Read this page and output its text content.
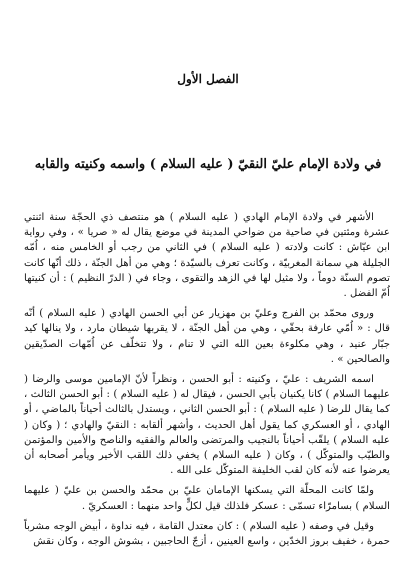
الفصل الأول
في ولادة الإمام عليّ النقيّ ( عليه السلام ) واسمه وكنيته والقابه

الأشهر في ولادة الإمام الهادي ( عليه السلام ) هو منتصف ذي الحجّة سنة اثنتي عشرة ومئتين في صاحية من ضواحي المدينة في موضع يقال له « صريا » ، وفي رواية ابن عيّاش : كانت ولادته ( عليه السلام ) في الثاني من رجب أو الخامس منه ، اُمّه الجليلة هي سمانة المغربيّة ، وكانت تعرف بالسيّدة ؛ وهي من أهل الجنّة ، ذلك أنّها كانت تصوم السنّة دوماً ، ولا مثيل لها في الزهد والتقوى ، وجاء في ( الدرّ النظيم ) : أن كنيتها اُمّ الفضل .

وروى محمّد بن الفرج وعليّ بن مهزيار عن أبي الحسن الهادي ( عليه السلام ) أنّه قال : « اُمّي عارفة بحقّي ، وهي من أهل الجنّة ، لا يقربها شيطان مارد ، ولا ينالها كيد جبّار عنيد ، وهي مكلوءة بعين الله التي لا تنام ، ولا تتخلّف عن اُمّهات الصدّيقين والصالحين » .

اسمه الشريف : عليّ ، وكنيته : أبو الحسن ، ونظراً لأنّ الإمامين موسى والرضا ( عليهما السلام ) كانا يكنيان بأبي الحسن ، فيقال له ( عليه السلام ) : أبو الحسن الثالث ، كما يقال للرضا ( عليه السلام ) : أبو الحسن الثاني ، ويستدل بالثالث أحياناً بالماضي ، أو الهادي ، أو العسكري كما يقول أهل الحديث ، وأشهر ألقابه : النقيّ والهادي ؛ ( وكان ( عليه السلام ) يلقّب أحياناً بالنجيب والمرتضى والعالم والفقيه والناصح والأمين والمؤتمن والطيّب والمتوكّل ) ، وكان ( عليه السلام ) يخفي ذلك اللقب الأخير ويأمر أصحابه أن يعرضوا عنه لأنه كان لقب الخليفة المتوكّل على الله .

ولمّا كانت المحلّة التي يسكنها الإمامان عليّ بن محمّد والحسن بن عليّ ( عليهما السلام ) بسامرّاء تسمّى : عسكر فلذلك قيل لكلٍّ واحد منهما : العسكريّ .

وقيل في وصفه ( عليه السلام ) : كان معتدل القامة ، فيه نداوة ، أبيض الوجه مشرباً حمرة ، خفيف بروز الخدّين ، واسع العينين ، أزجّ الحاجبين ، بشوش الوجه ، وكان نقش
